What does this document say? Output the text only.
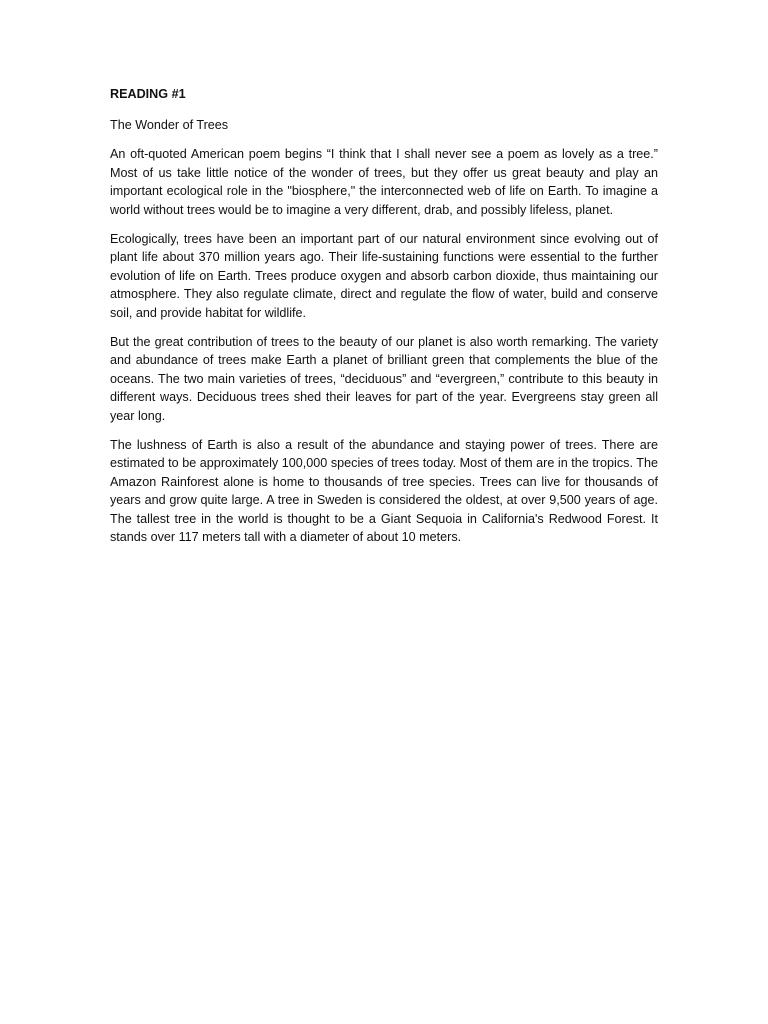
READING #1
The Wonder of Trees

An oft-quoted American poem begins “I think that I shall never see a poem as lovely as a tree.” Most of us take little notice of the wonder of trees, but they offer us great beauty and play an important ecological role in the "biosphere," the interconnected web of life on Earth. To imagine a world without trees would be to imagine a very different, drab, and possibly lifeless, planet.

Ecologically, trees have been an important part of our natural environment since evolving out of plant life about 370 million years ago. Their life-sustaining functions were essential to the further evolution of life on Earth. Trees produce oxygen and absorb carbon dioxide, thus maintaining our atmosphere. They also regulate climate, direct and regulate the flow of water, build and conserve soil, and provide habitat for wildlife.

But the great contribution of trees to the beauty of our planet is also worth remarking. The variety and abundance of trees make Earth a planet of brilliant green that complements the blue of the oceans. The two main varieties of trees, “deciduous” and “evergreen,” contribute to this beauty in different ways. Deciduous trees shed their leaves for part of the year. Evergreens stay green all year long.

The lushness of Earth is also a result of the abundance and staying power of trees. There are estimated to be approximately 100,000 species of trees today. Most of them are in the tropics. The Amazon Rainforest alone is home to thousands of tree species. Trees can live for thousands of years and grow quite large. A tree in Sweden is considered the oldest, at over 9,500 years of age. The tallest tree in the world is thought to be a Giant Sequoia in California's Redwood Forest. It stands over 117 meters tall with a diameter of about 10 meters.
